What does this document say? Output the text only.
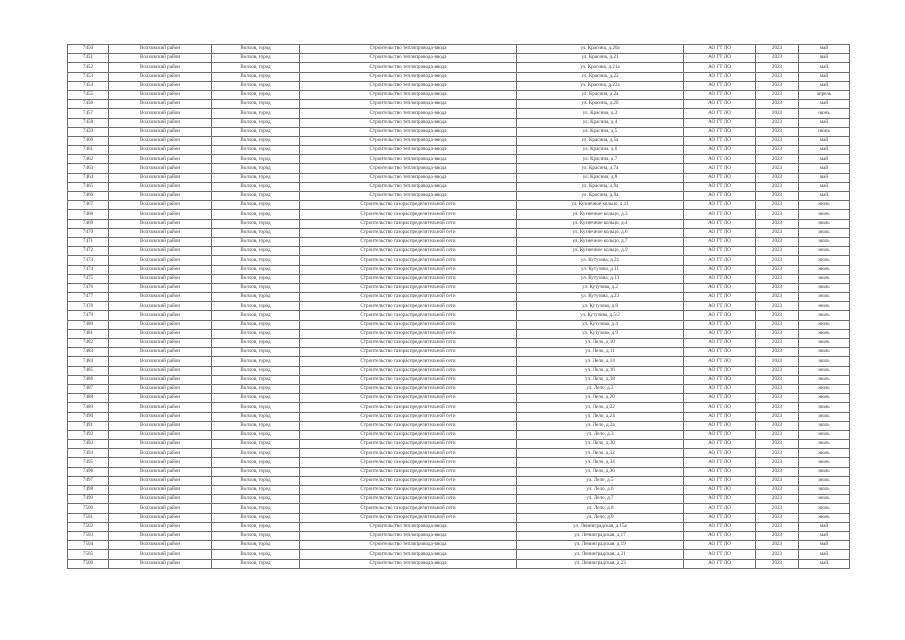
7450	Волховский район	Волхов, город	Строительство теплопровода-ввода	ул. Красина, д.20а	АО ГТ ЛО	2023	май
7451	Волховский район	Волхов, город	Строительство теплопровода-ввода	ул. Красина, д.21	АО ГТ ЛО	2023	май
7452	Волховский район	Волхов, город	Строительство теплопровода-ввода	ул. Красина, д.21а	АО ГТ ЛО	2023	май
7453	Волховский район	Волхов, город	Строительство теплопровода-ввода	ул. Красина, д.22	АО ГТ ЛО	2023	май
7454	Волховский район	Волхов, город	Строительство теплопровода-ввода	ул. Красина, д.22а	АО ГТ ЛО	2023	май
7455	Волховский район	Волхов, город	Строительство теплопровода-ввода	ул. Красина, д.2а	АО ГТ ЛО	2023	апрель
7456	Волховский район	Волхов, город	Строительство теплопровода-ввода	ул. Красина, д.2б	АО ГТ ЛО	2023	май
7457	Волховский район	Волхов, город	Строительство теплопровода-ввода	ул. Красина, д.3	АО ГТ ЛО	2023	июнь
7458	Волховский район	Волхов, город	Строительство теплопровода-ввода	ул. Красина, д.4	АО ГТ ЛО	2023	май
7459	Волховский район	Волхов, город	Строительство теплопровода-ввода	ул. Красина, д.5	АО ГТ ЛО	2023	июнь
7460	Волховский район	Волхов, город	Строительство теплопровода-ввода	ул. Красина, д.5а	АО ГТ ЛО	2023	май
7461	Волховский район	Волхов, город	Строительство теплопровода-ввода	ул. Красина, д.6	АО ГТ ЛО	2023	май
7462	Волховский район	Волхов, город	Строительство теплопровода-ввода	ул. Красина, д.7	АО ГТ ЛО	2023	май
7463	Волховский район	Волхов, город	Строительство теплопровода-ввода	ул. Красина, д.7а	АО ГТ ЛО	2023	май
7464	Волховский район	Волхов, город	Строительство теплопровода-ввода	ул. Красина, д.8	АО ГТ ЛО	2023	май
7465	Волховский район	Волхов, город	Строительство теплопровода-ввода	ул. Красина, д.9а	АО ГТ ЛО	2023	май
7466	Волховский район	Волхов, город	Строительство теплопровода-ввода	ул. Красина, д.9а	АО ГТ ЛО	2023	май
7467	Волховский район	Волхов, город	Строительство газораспределительной сети	ул. Кузнечное кольцо, д.11	АО ГТ ЛО	2023	июль
7468	Волховский район	Волхов, город	Строительство газораспределительной сети	ул. Кузнечное кольцо, д.3	АО ГТ ЛО	2023	июль
7469	Волховский район	Волхов, город	Строительство газораспределительной сети	ул. Кузнечное кольцо, д.4	АО ГТ ЛО	2023	июль
7470	Волховский район	Волхов, город	Строительство газораспределительной сети	ул. Кузнечное кольцо, д.6	АО ГТ ЛО	2023	июль
7471	Волховский район	Волхов, город	Строительство газораспределительной сети	ул. Кузнечное кольцо, д.7	АО ГТ ЛО	2023	июль
7472	Волховский район	Волхов, город	Строительство газораспределительной сети	ул. Кузнечное кольцо, д.9	АО ГТ ЛО	2023	июль
7473	Волховский район	Волхов, город	Строительство газораспределительной сети	ул. Кутузова, д.21	АО ГТ ЛО	2023	июль
7474	Волховский район	Волхов, город	Строительство газораспределительной сети	ул. Кутузова, д.11	АО ГТ ЛО	2023	июль
7475	Волховский район	Волхов, город	Строительство газораспределительной сети	ул. Кутузова, д.13	АО ГТ ЛО	2023	июль
7476	Волховский район	Волхов, город	Строительство газораспределительной сети	ул. Кутузова, д.2	АО ГТ ЛО	2023	июль
7477	Волховский район	Волхов, город	Строительство газораспределительной сети	ул. Кутузова, д.23	АО ГТ ЛО	2023	июль
7478	Волховский район	Волхов, город	Строительство газораспределительной сети	ул. Кутузова, д.8	АО ГТ ЛО	2023	июль
7479	Волховский район	Волхов, город	Строительство газораспределительной сети	ул. Кутузова, д.5/2	АО ГТ ЛО	2023	июль
7480	Волховский район	Волхов, город	Строительство газораспределительной сети	ул. Кутузова, д.4	АО ГТ ЛО	2023	июль
7481	Волховский район	Волхов, город	Строительство газораспределительной сети	ул. Кутузова, д.9	АО ГТ ЛО	2023	июль
7482	Волховский район	Волхов, город	Строительство газораспределительной сети	ул. Лело, д.10	АО ГТ ЛО	2023	июль
7483	Волховский район	Волхов, город	Строительство газораспределительной сети	ул. Лело, д.11	АО ГТ ЛО	2023	июль
7484	Волховский район	Волхов, город	Строительство газораспределительной сети	ул. Лело, д.14	АО ГТ ЛО	2023	июль
7485	Волховский район	Волхов, город	Строительство газораспределительной сети	ул. Лело, д.16	АО ГТ ЛО	2023	июль
7486	Волховский район	Волхов, город	Строительство газораспределительной сети	ул. Лело, д.18	АО ГТ ЛО	2023	июль
7487	Волховский район	Волхов, город	Строительство газораспределительной сети	ул. Лело, д.2	АО ГТ ЛО	2023	июль
7488	Волховский район	Волхов, город	Строительство газораспределительной сети	ул. Лело, д.20	АО ГТ ЛО	2023	июль
7489	Волховский район	Волхов, город	Строительство газораспределительной сети	ул. Лело, д.22	АО ГТ ЛО	2023	июль
7490	Волховский район	Волхов, город	Строительство газораспределительной сети	ул. Лело, д.24	АО ГТ ЛО	2023	июль
7491	Волховский район	Волхов, город	Строительство газораспределительной сети	ул. Лело, д.2а	АО ГТ ЛО	2023	июль
7492	Волховский район	Волхов, город	Строительство газораспределительной сети	ул. Лело, д.3	АО ГТ ЛО	2023	июль
7493	Волховский район	Волхов, город	Строительство газораспределительной сети	ул. Лело, д.30	АО ГТ ЛО	2023	июль
7494	Волховский район	Волхов, город	Строительство газораспределительной сети	ул. Лело, д.32	АО ГТ ЛО	2023	июль
7495	Волховский район	Волхов, город	Строительство газораспределительной сети	ул. Лело, д.34	АО ГТ ЛО	2023	июль
7496	Волховский район	Волхов, город	Строительство газораспределительной сети	ул. Лело, д.36	АО ГТ ЛО	2023	июль
7497	Волховский район	Волхов, город	Строительство газораспределительной сети	ул. Лело, д.5	АО ГТ ЛО	2023	июль
7498	Волховский район	Волхов, город	Строительство газораспределительной сети	ул. Лело, д.6	АО ГТ ЛО	2023	июль
7499	Волховский район	Волхов, город	Строительство газораспределительной сети	ул. Лело, д.7	АО ГТ ЛО	2023	июль
7500	Волховский район	Волхов, город	Строительство газораспределительной сети	ул. Лело, д.8	АО ГТ ЛО	2023	июль
7501	Волховский район	Волхов, город	Строительство газораспределительной сети	ул. Лело, д.9	АО ГТ ЛО	2023	июль
7502	Волховский район	Волхов, город	Строительство теплопровода-ввода	ул. Ленинградская, д.15а	АО ГТ ЛО	2023	май
7503	Волховский район	Волхов, город	Строительство теплопровода-ввода	ул. Ленинградская, д.17	АО ГТ ЛО	2023	май
7504	Волховский район	Волхов, город	Строительство теплопровода-ввода	ул. Ленинградская, д.19	АО ГТ ЛО	2023	май
7505	Волховский район	Волхов, город	Строительство теплопровода-ввода	ул. Ленинградская, д.21	АО ГТ ЛО	2023	май
7506	Волховский район	Волхов, город	Строительство теплопровода-ввода	ул. Ленинградская, д.23	АО ГТ ЛО	2023	май
